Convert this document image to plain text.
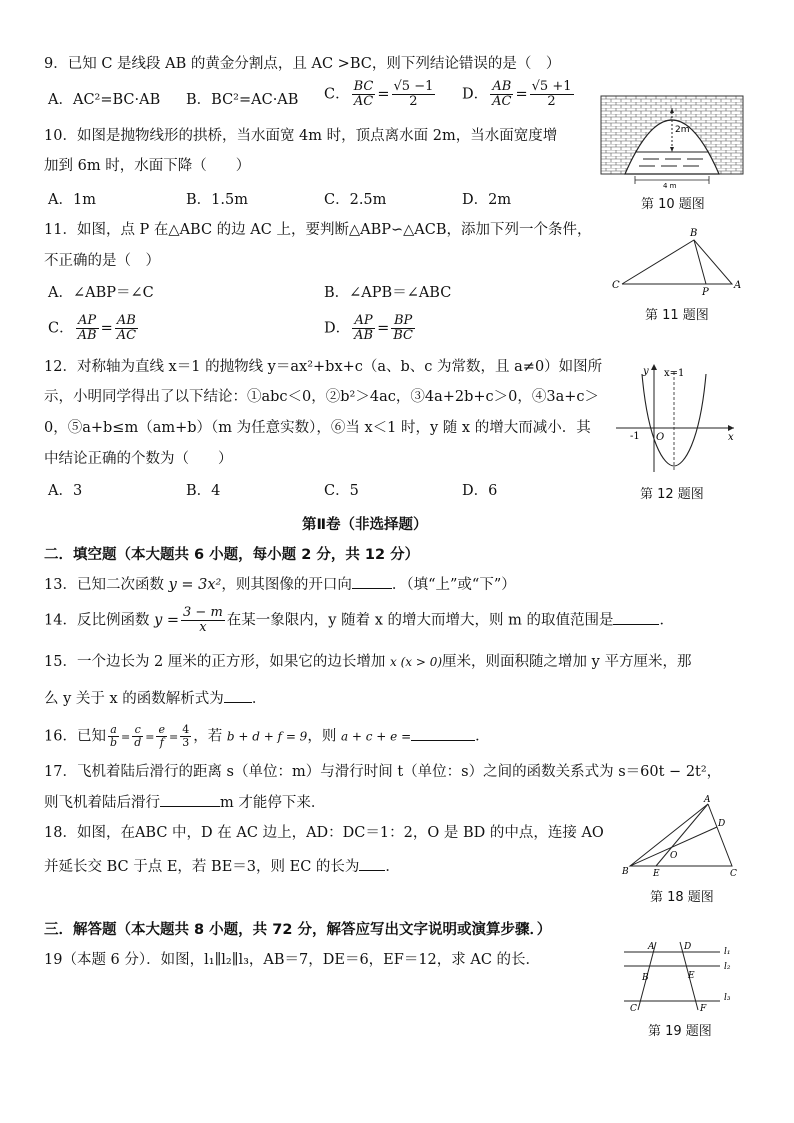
9．已知 C 是线段 AB 的黄金分割点，且 AC >BC，则下列结论错误的是（　）
A．AC²=BC·AB B．BC²=AC·AB C． $\frac{BC}{AC} = \frac{√5 -1}{2}$ D． $\frac{AB}{AC} = \frac{√5 +1}{2}$
10．如图是抛物线形的拱桥，当水面宽 4m 时，顶点离水面 2m，当水面宽度增
加到 6m 时，水面下降（　　）
A．1m	B．1.5m	C．2.5m	D．2m
2m
4 m
第 10 题图
11．如图，点 P 在△ABC 的边 AC 上，要判断△ABP∽△ACB，添加下列一个条件，
不正确的是（　）
A．∠ABP＝∠C	B．∠APB＝∠ABC
C． $\frac{AP}{AB} = \frac{AB}{AC}$	D． $\frac{AP}{AB} = \frac{BP}{BC}$
B
C
P
A
第 11 题图
12．对称轴为直线 x＝1 的抛物线 y＝ax²+bx+c（a、b、c 为常数，且 a≠0）如图所
示，小明同学得出了以下结论：①abc＜0，②b²＞4ac，③4a+2b+c＞0，④3a+c＞
0，⑤a+b≤m（am+b）（m 为任意实数），⑥当 x＜1 时，y 随 x 的增大而减小．其
中结论正确的个数为（　　）
A．3	B．4	C．5	D．6
y
x
x=1
-1 O
第 12 题图
第Ⅱ卷（非选择题）
二．填空题（本大题共 6 小题，每小题 2 分，共 12 分）
13．已知二次函数 y = 3x²，则其图像的开口向	．（填“上”或“下”）
14．反比例函数 $y = \frac{3 - m}{x}$ 在某一象限内，y 随着 x 的增大而增大，则 m 的取值范围是	．
15．一个边长为 2 厘米的正方形，如果它的边长增加 x (x > 0)厘米，则面积随之增加 y 平方厘米，那
么 y 关于 x 的函数解析式为 ．
16．已知 $\frac{a}{b} = \frac{c}{d} = \frac{e}{f} = \frac{4}{3}$ ，若 b + d + f = 9，则 a + c + e =	．
17．飞机着陆后滑行的距离 s（单位：m）与滑行时间 t（单位：s）之间的函数关系式为 s＝60t − 2t²，
则飞机着陆后滑行	m 才能停下来．
18．如图，在ABC 中，D 在 AC 边上，AD：DC＝1：2，O 是 BD 的中点，连接 AO
并延长交 BC 于点 E，若 BE＝3，则 EC 的长为 ．
A
B	C
D
E
O
第 18 题图
三．解答题（本大题共 8 小题，共 72 分，解答应写出文字说明或演算步骤．）
19（本题 6 分）．如图，l₁∥l₂∥l₃，AB＝7，DE＝6，EF＝12，求 AC 的长．
A
B
C
D
E
F
l₁
l₂
l₃
第 19 题图
